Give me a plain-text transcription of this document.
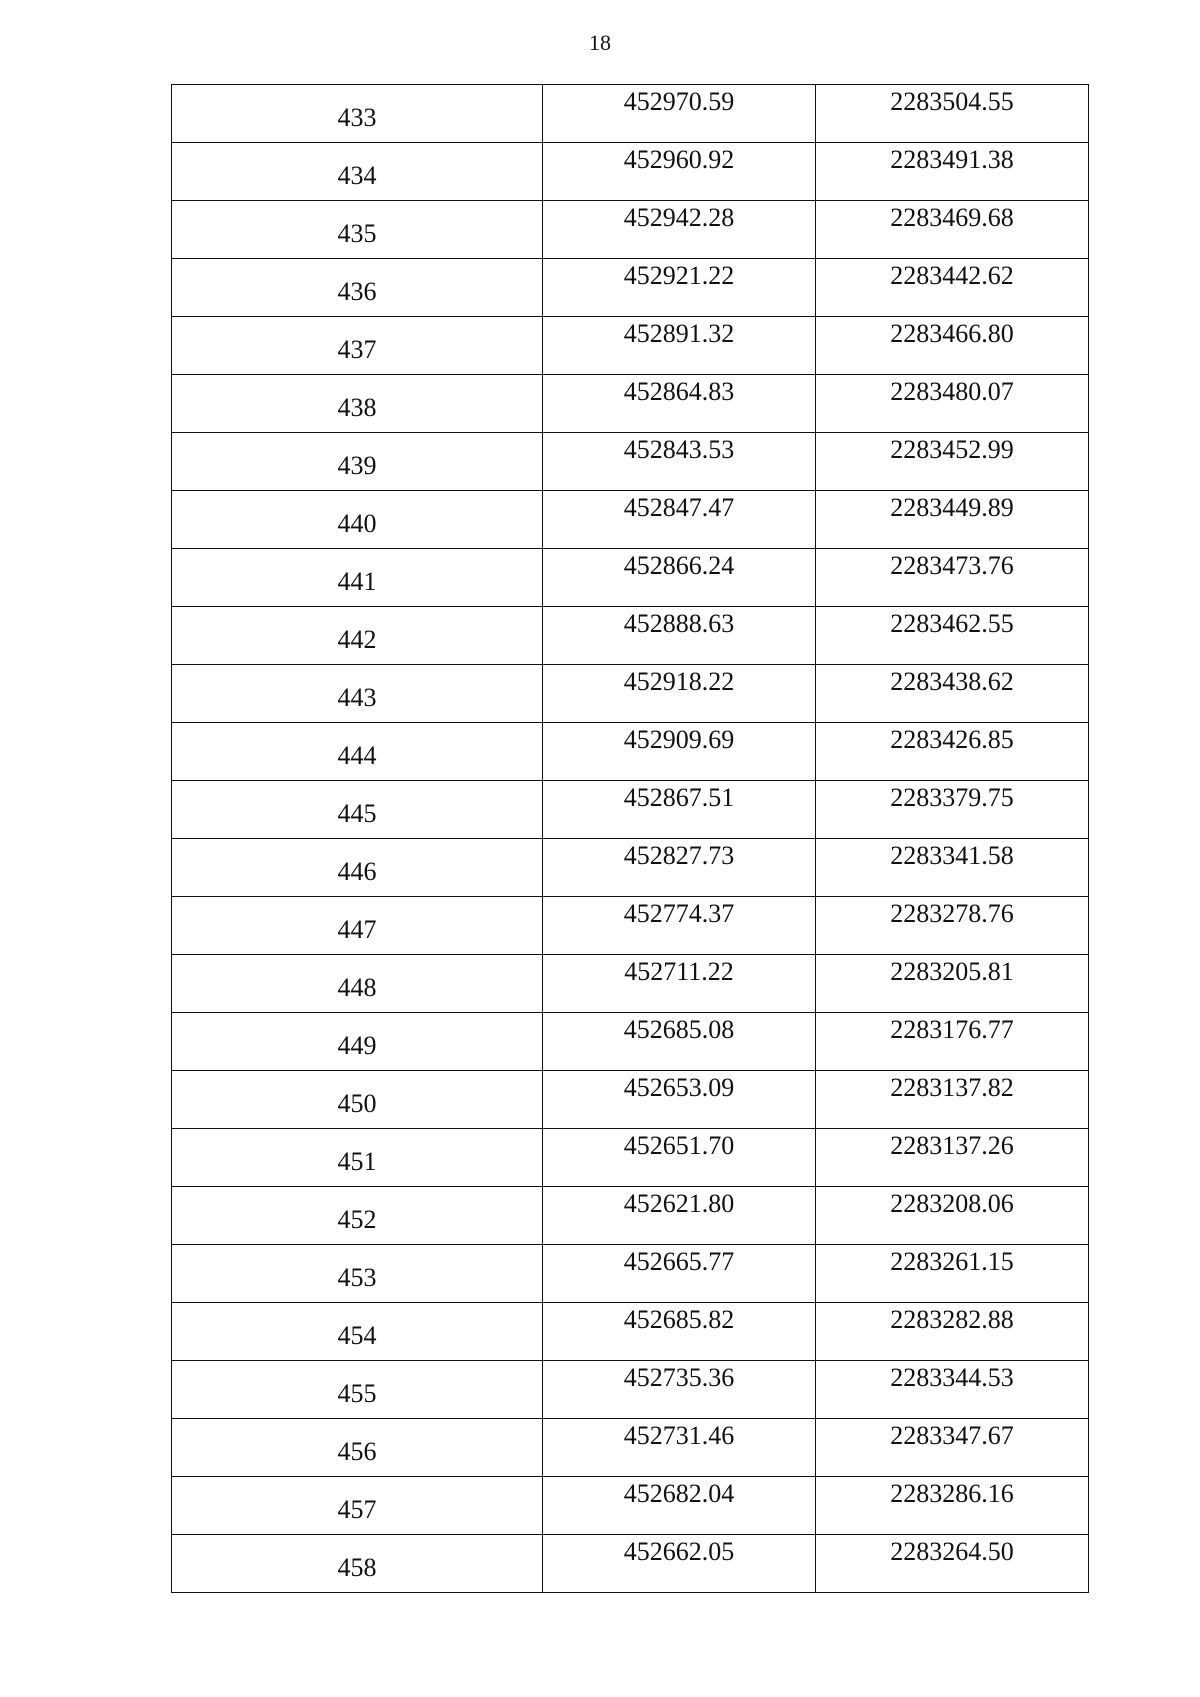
18
433	452970.59	2283504.55
434	452960.92	2283491.38
435	452942.28	2283469.68
436	452921.22	2283442.62
437	452891.32	2283466.80
438	452864.83	2283480.07
439	452843.53	2283452.99
440	452847.47	2283449.89
441	452866.24	2283473.76
442	452888.63	2283462.55
443	452918.22	2283438.62
444	452909.69	2283426.85
445	452867.51	2283379.75
446	452827.73	2283341.58
447	452774.37	2283278.76
448	452711.22	2283205.81
449	452685.08	2283176.77
450	452653.09	2283137.82
451	452651.70	2283137.26
452	452621.80	2283208.06
453	452665.77	2283261.15
454	452685.82	2283282.88
455	452735.36	2283344.53
456	452731.46	2283347.67
457	452682.04	2283286.16
458	452662.05	2283264.50
